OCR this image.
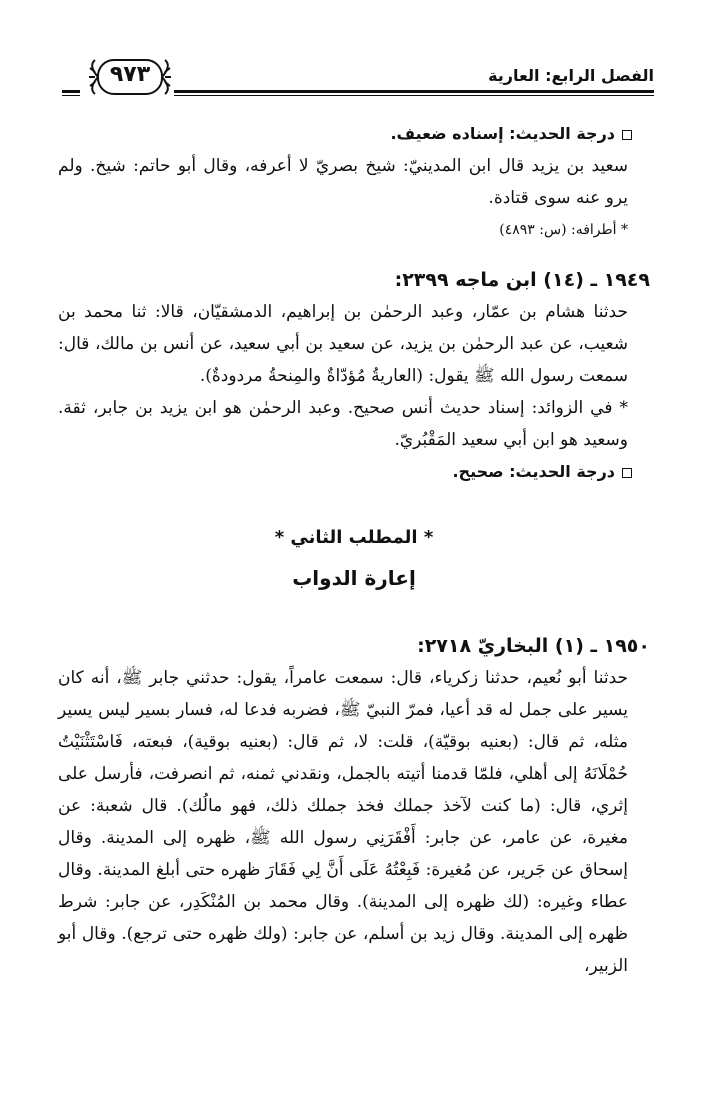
الفصل الرابع: العارية
٩٧٣

درجة الحديث: إسناده ضعيف.

سعيد بن يزيد قال ابن المدينيّ: شيخ بصريّ لا أعرفه، وقال أبو حاتم: شيخ. ولم يرو عنه سوى قتادة.

* أطرافه: (س: ٤٨٩٣)

١٩٤٩ ـ (١٤) ابن ماجه ٢٣٩٩:

حدثنا هشام بن عمّار، وعبد الرحمٰن بن إبراهيم، الدمشقيّان، قالا: ثنا محمد بن شعيب، عن عبد الرحمٰن بن يزيد، عن سعيد بن أبي سعيد، عن أنس بن مالك، قال: سمعت رسول الله ﷺ يقول: (العاريةُ مُؤدّاةٌ والمِنحةُ مردودةٌ).

* في الزوائد: إسناد حديث أنس صحيح. وعبد الرحمٰن هو ابن يزيد بن جابر، ثقة. وسعيد هو ابن أبي سعيد المَقْبُريّ.

درجة الحديث: صحيح.

* المطلب الثاني *

إعارة الدواب

١٩٥٠ ـ (١) البخاريّ ٢٧١٨:

حدثنا أبو نُعيم، حدثنا زكرياء، قال: سمعت عامراً، يقول: حدثني جابر ﷺ، أنه كان يسير على جمل له قد أعيا، فمرّ النبيّ ﷺ، فضربه فدعا له، فسار بسير ليس يسير مثله، ثم قال: (بعنيه بوقيّة)، قلت: لا، ثم قال: (بعنيه بوقية)، فبعته، فَاسْتَثْنَيْتُ حُمْلَانَهُ إلى أهلي، فلمّا قدمنا أتيته بالجمل، ونقدني ثمنه، ثم انصرفت، فأرسل على إثري، قال: (ما كنت لآخذ جملك فخذ جملك ذلك، فهو مالُك). قال شعبة: عن مغيرة، عن عامر، عن جابر: أَفْقَرَنِي رسول الله ﷺ، ظهره إلى المدينة. وقال إسحاق عن جَرير، عن مُغيرة: فَبِعْتُهُ عَلَى أَنَّ لِي فَقَارَ ظهره حتى أبلغ المدينة. وقال عطاء وغيره: (لك ظهره إلى المدينة). وقال محمد بن المُنْكَدِر، عن جابر: شرط ظهره إلى المدينة. وقال زيد بن أسلم، عن جابر: (ولك ظهره حتى ترجع). وقال أبو الزبير،
